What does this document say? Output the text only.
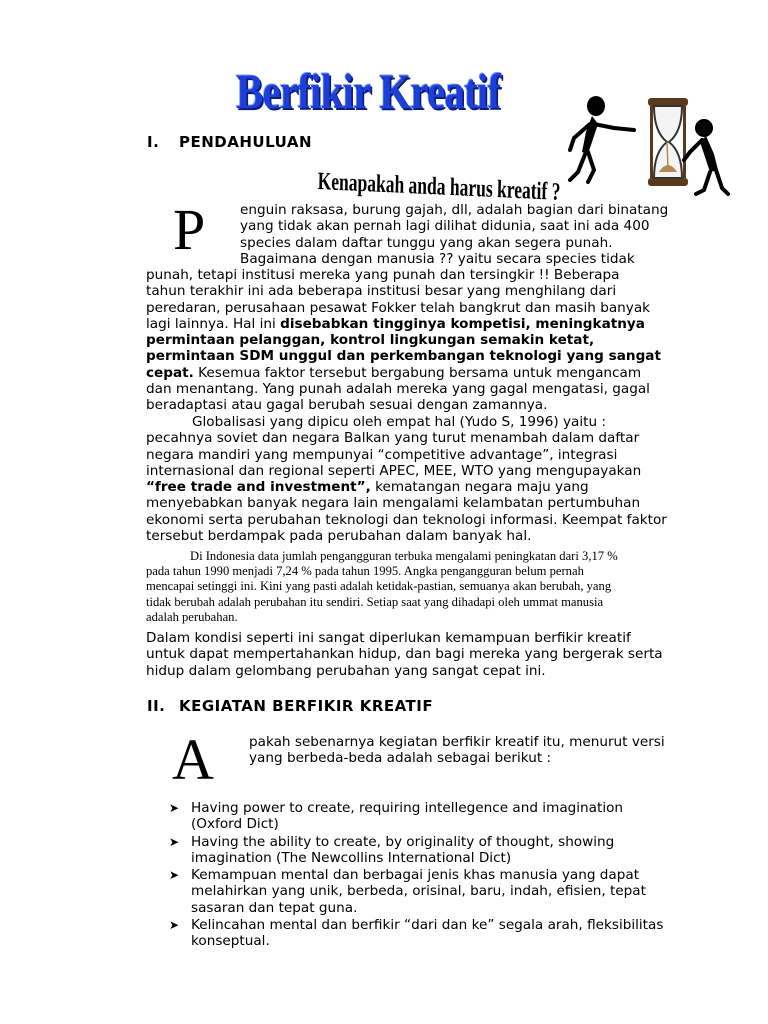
Berfikir Kreatif
I. PENDAHULUAN
Kenapakah anda harus kreatif ?
P	enguin raksasa, burung gajah, dll, adalah bagian dari binatang
yang tidak akan pernah lagi dilihat didunia, saat ini ada 400
species dalam daftar tunggu yang akan segera punah.
Bagaimana dengan manusia ?? yaitu secara species tidak
punah, tetapi institusi mereka yang punah dan tersingkir !! Beberapa
tahun terakhir ini ada beberapa institusi besar yang menghilang dari
peredaran, perusahaan pesawat Fokker telah bangkrut dan masih banyak
lagi lainnya. Hal ini disebabkan tingginya kompetisi, meningkatnya
permintaan pelanggan, kontrol lingkungan semakin ketat,
permintaan SDM unggul dan perkembangan teknologi yang sangat
cepat. Kesemua faktor tersebut bergabung bersama untuk mengancam
dan menantang. Yang punah adalah mereka yang gagal mengatasi, gagal
beradaptasi atau gagal berubah sesuai dengan zamannya.
Globalisasi yang dipicu oleh empat hal (Yudo S, 1996) yaitu :
pecahnya soviet dan negara Balkan yang turut menambah dalam daftar
negara mandiri yang mempunyai “competitive advantage”, integrasi
internasional dan regional seperti APEC, MEE, WTO yang mengupayakan
“free trade and investment”, kematangan negara maju yang
menyebabkan banyak negara lain mengalami kelambatan pertumbuhan
ekonomi serta perubahan teknologi dan teknologi informasi. Keempat faktor
tersebut berdampak pada perubahan dalam banyak hal.
Di Indonesia data jumlah pengangguran terbuka mengalami peningkatan dari 3,17 %
pada tahun 1990 menjadi 7,24 % pada tahun 1995. Angka pengangguran belum pernah
mencapai setinggi ini. Kini yang pasti adalah ketidak-pastian, semuanya akan berubah, yang
tidak berubah adalah perubahan itu sendiri. Setiap saat yang dihadapi oleh ummat manusia
adalah perubahan.
Dalam kondisi seperti ini sangat diperlukan kemampuan berfikir kreatif
untuk dapat mempertahankan hidup, dan bagi mereka yang bergerak serta
hidup dalam gelombang perubahan yang sangat cepat ini.
II. KEGIATAN BERFIKIR KREATIF
A	pakah sebenarnya kegiatan berfikir kreatif itu, menurut versi
yang berbeda-beda adalah sebagai berikut :
➤ Having power to create, requiring intellegence and imagination
(Oxford Dict)
➤ Having the ability to create, by originality of thought, showing
imagination (The Newcollins International Dict)
➤ Kemampuan mental dan berbagai jenis khas manusia yang dapat
melahirkan yang unik, berbeda, orisinal, baru, indah, efisien, tepat
sasaran dan tepat guna.
➤ Kelincahan mental dan berfikir “dari dan ke” segala arah, fleksibilitas
konseptual.
